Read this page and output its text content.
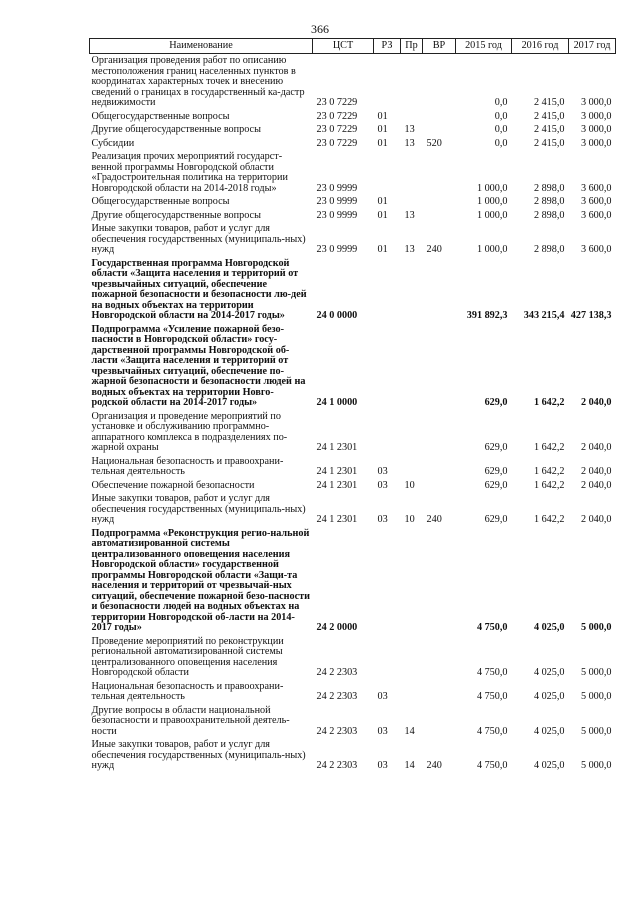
366
Наименование	ЦСТ	РЗ	Пр	ВР	2015 год	2016 год	2017 год
Организация проведения работ по описанию местоположения границ населенных пунктов в координатах характерных точек и внесению сведений о границах в государственный ка-дастр недвижимости	23 0 7229				0,0	2 415,0	3 000,0
Общегосударственные вопросы	23 0 7229	01			0,0	2 415,0	3 000,0
Другие общегосударственные вопросы	23 0 7229	01	13		0,0	2 415,0	3 000,0
Субсидии	23 0 7229	01	13	520	0,0	2 415,0	3 000,0
Реализация прочих мероприятий государст-венной программы Новгородской области «Градостроительная политика на территории Новгородской области на 2014-2018 годы»	23 0 9999				1 000,0	2 898,0	3 600,0
Общегосударственные вопросы	23 0 9999	01			1 000,0	2 898,0	3 600,0
Другие общегосударственные вопросы	23 0 9999	01	13		1 000,0	2 898,0	3 600,0
Иные закупки товаров, работ и услуг для обеспечения государственных (муниципаль-ных) нужд	23 0 9999	01	13	240	1 000,0	2 898,0	3 600,0
Государственная программа Новгородской области «Защита населения и территорий от чрезвычайных ситуаций, обеспечение пожарной безопасности и безопасности лю-дей на водных объектах на территории Новгородской области на 2014-2017 годы»	24 0 0000				391 892,3	343 215,4	427 138,3
Подпрограмма «Усиление пожарной безо-пасности в Новгородской области» госу-дарственной программы Новгородской об-ласти «Защита населения и территорий от чрезвычайных ситуаций, обеспечение по-жарной безопасности и безопасности людей на водных объектах на территории Новго-родской области на 2014-2017 годы»	24 1 0000				629,0	1 642,2	2 040,0
Организация и проведение мероприятий по установке и обслуживанию программно-аппаратного комплекса в подразделениях по-жарной охраны	24 1 2301				629,0	1 642,2	2 040,0
Национальная безопасность и правоохрани-тельная деятельность	24 1 2301	03			629,0	1 642,2	2 040,0
Обеспечение пожарной безопасности	24 1 2301	03	10		629,0	1 642,2	2 040,0
Иные закупки товаров, работ и услуг для обеспечения государственных (муниципаль-ных) нужд	24 1 2301	03	10	240	629,0	1 642,2	2 040,0
Подпрограмма «Реконструкция регио-нальной автоматизированной системы централизованного оповещения населения Новгородской области» государственной программы Новгородской области «Защи-та населения и территорий от чрезвычай-ных ситуаций, обеспечение пожарной безо-пасности и безопасности людей на водных объектах на территории Новгородской об-ласти на 2014-2017 годы»	24 2 0000				4 750,0	4 025,0	5 000,0
Проведение мероприятий по реконструкции региональной автоматизированной системы централизованного оповещения населения Новгородской области	24 2 2303				4 750,0	4 025,0	5 000,0
Национальная безопасность и правоохрани-тельная деятельность	24 2 2303	03			4 750,0	4 025,0	5 000,0
Другие вопросы в области национальной безопасности и правоохранительной деятель-ности	24 2 2303	03	14		4 750,0	4 025,0	5 000,0
Иные закупки товаров, работ и услуг для обеспечения государственных (муниципаль-ных) нужд	24 2 2303	03	14	240	4 750,0	4 025,0	5 000,0
